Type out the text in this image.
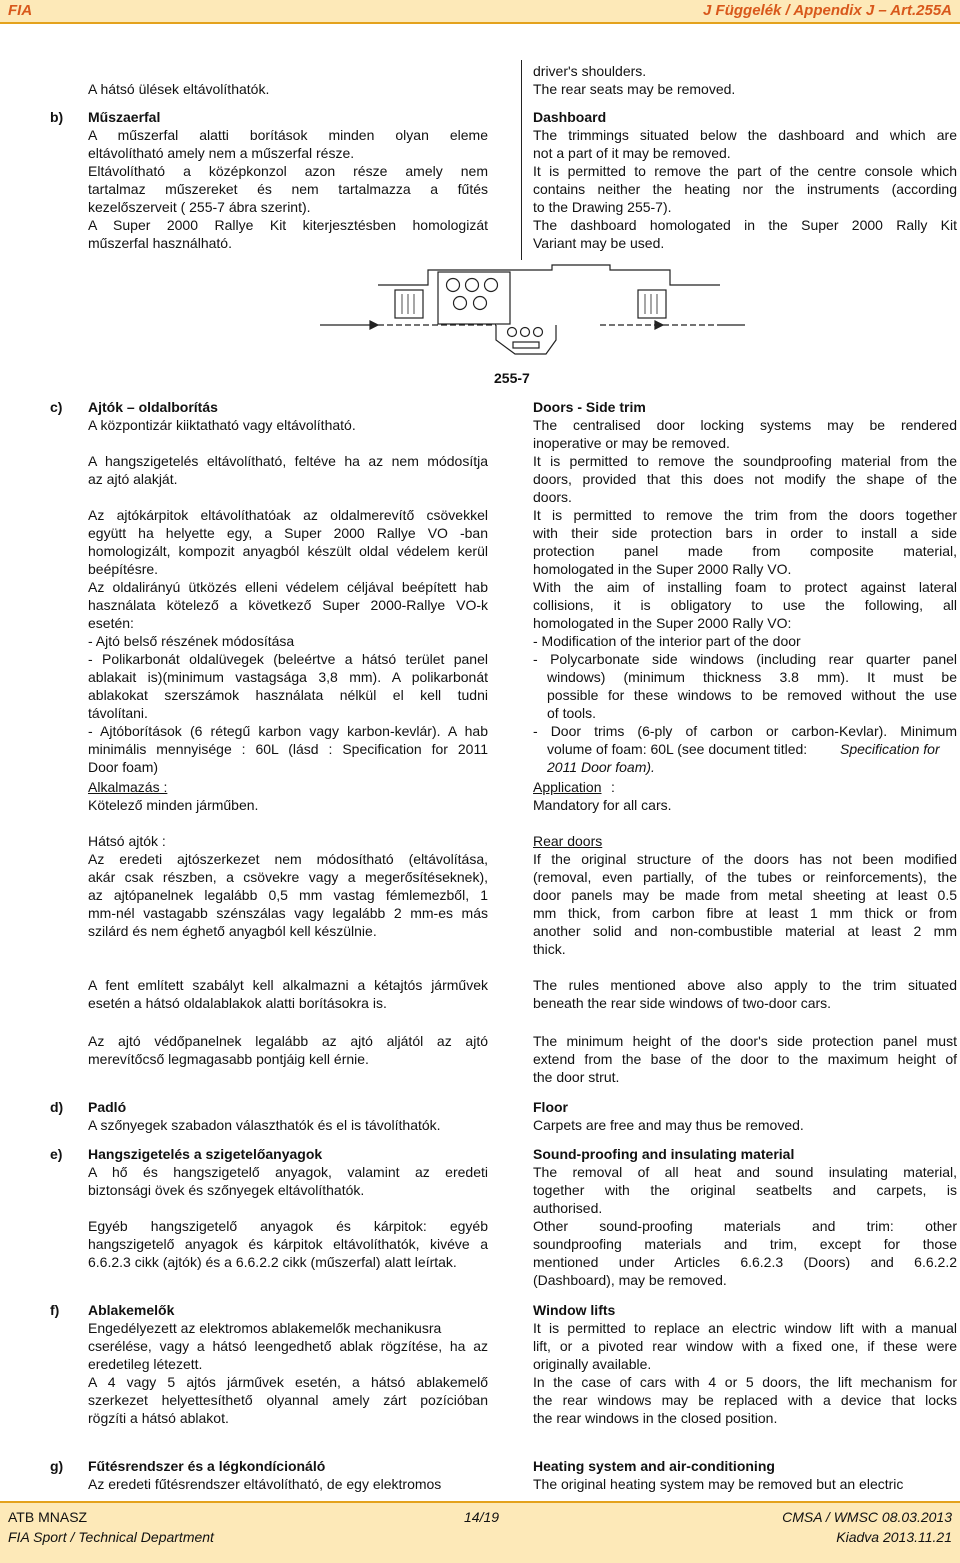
FIA	J Függelék / Appendix J – Art.255A

A hátsó ülések eltávolíthatók.

b) Műszaerfal

A műszerfal alatti borítások minden olyan eleme

eltávolítható amely nem a műszerfal része.

Eltávolítható a középkonzol azon része amely nem

tartalmaz műszereket és nem tartalmazza a fűtés

kezelőszerveit ( 255-7 ábra szerint).

A Super 2000 Rallye Kit kiterjesztésben homologizát

műszerfal használható.

driver's shoulders.

The rear seats may be removed.

Dashboard

The trimmings situated below the dashboard and which are

not a part of it may be removed.

It is permitted to remove the part of the centre console which

contains neither the heating nor the instruments (according

to the Drawing 255-7).

The dashboard homologated in the Super 2000 Rally Kit

Variant may be used.

c) Ajtók – oldalborítás

A központizár kiiktatható vagy eltávolítható.

A hangszigetelés eltávolítható, feltéve ha az nem módosítja

az ajtó alakját.

Az ajtókárpitok eltávolíthatóak az oldalmerevítő csövekkel

együtt ha helyette egy, a Super 2000 Rallye VO -ban

homologizált, kompozit anyagból készült oldal védelem kerül

beépítésre.

Az oldalirányú ütközés elleni védelem céljával beépített hab

használata kötelező a következő Super 2000-Rallye VO-k

esetén:

- Ajtó belső részének módosítása

- Polikarbonát oldalüvegek (beleértve a hátsó terület panel

ablakait is)(minimum vastagsága 3,8 mm). A polikarbonát

ablakokat szerszámok használata nélkül el kell tudni

távolítani.

- Ajtóborítások (6 rétegű karbon vagy karbon-kevlár). A hab

minimális mennyisége : 60L (lásd : Specification for 2011

Door foam)

Alkalmazás :

Kötelező minden járműben.

Hátsó ajtók :

Az eredeti ajtószerkezet nem módosítható (eltávolítása,

akár csak részben, a csövekre vagy a megerősítéseknek),

az ajtópanelnek legalább 0,5 mm vastag fémlemezből, 1

mm-nél vastagabb szénszálas vagy legalább 2 mm-es más

szilárd és nem éghető anyagból kell készülnie.

A fent említett szabályt kell alkalmazni a kétajtós járművek

esetén a hátsó oldalablakok alatti borításokra is.

Az ajtó védőpanelnek legalább az ajtó aljától az ajtó

merevítőcső legmagasabb pontjáig kell érnie.

Doors - Side trim

The centralised door locking systems may be rendered

inoperative or may be removed.

It is permitted to remove the soundproofing material from the

doors, provided that this does not modify the shape of the

doors.

It is permitted to remove the trim from the doors together

with their side protection bars in order to install a side

protection panel made from composite material,

homologated in the Super 2000 Rally VO.

With the aim of installing foam to protect against lateral

collisions, it is obligatory to use the following, all

homologated in the Super 2000 Rally VO:

- Modification of the interior part of the door

- Polycarbonate side windows (including rear quarter panel

windows) (minimum thickness 3.8 mm). It must be

possible for these windows to be removed without the use

of tools.

- Door trims (6-ply of carbon or carbon-Kevlar). Minimum

volume of foam: 60L (see document titled:

2011 Door foam).

Specification for

Application :

Mandatory for all cars.

Rear doors

If the original structure of the doors has not been modified

(removal, even partially, of the tubes or reinforcements), the

door panels may be made from metal sheeting at least 0.5

mm thick, from carbon fibre at least 1 mm thick or from

another solid and non-combustible material at least 2 mm

thick.

The rules mentioned above also apply to the trim situated

beneath the rear side windows of two-door cars.

The minimum height of the door's side protection panel must

extend from the base of the door to the maximum height of

the door strut.

d) Padló

A szőnyegek szabadon választhatók és el is távolíthatók.

Floor

Carpets are free and may thus be removed.

e) Hangszigetelés a szigetelőanyagok

A hő és hangszigetelő anyagok, valamint az eredeti

biztonsági övek és szőnyegek eltávolíthatók.

Egyéb hangszigetelő anyagok és kárpitok: egyéb

hangszigetelő anyagok és kárpitok eltávolíthatók, kivéve a

6.6.2.3 cikk (ajtók) és a 6.6.2.2 cikk (műszerfal) alatt leírtak.

Sound-proofing and insulating material

The removal of all heat and sound insulating material,

together with the original seatbelts and carpets, is

authorised.

Other sound-proofing materials and trim: other

soundproofing materials and trim, except for those

mentioned under Articles 6.6.2.3 (Doors) and 6.6.2.2

(Dashboard), may be removed.

f) Ablakemelők

Engedélyezett az elektromos ablakemelők mechanikusra

cserélése, vagy a hátsó leengedhető ablak rögzítése, ha az

eredetileg létezett.

A 4 vagy 5 ajtós járművek esetén, a hátsó ablakemelő

szerkezet helyettesíthető olyannal amely zárt pozícióban

rögzíti a hátsó ablakot.

Window lifts

It is permitted to replace an electric window lift with a manual

lift, or a pivoted rear window with a fixed one, if these were

originally available.

In the case of cars with 4 or 5 doors, the lift mechanism for

the rear windows may be replaced with a device that locks

the rear windows in the closed position.

g) Fűtésrendszer és a légkondícionáló

Az eredeti fűtésrendszer eltávolítható, de egy elektromos

Heating system and air-conditioning

The original heating system may be removed but an electric

255-7
ATB MNASZ
FIA Sport / Technical Department
14/19	CMSA / WMSC 08.03.2013
Kiadva 2013.11.21
